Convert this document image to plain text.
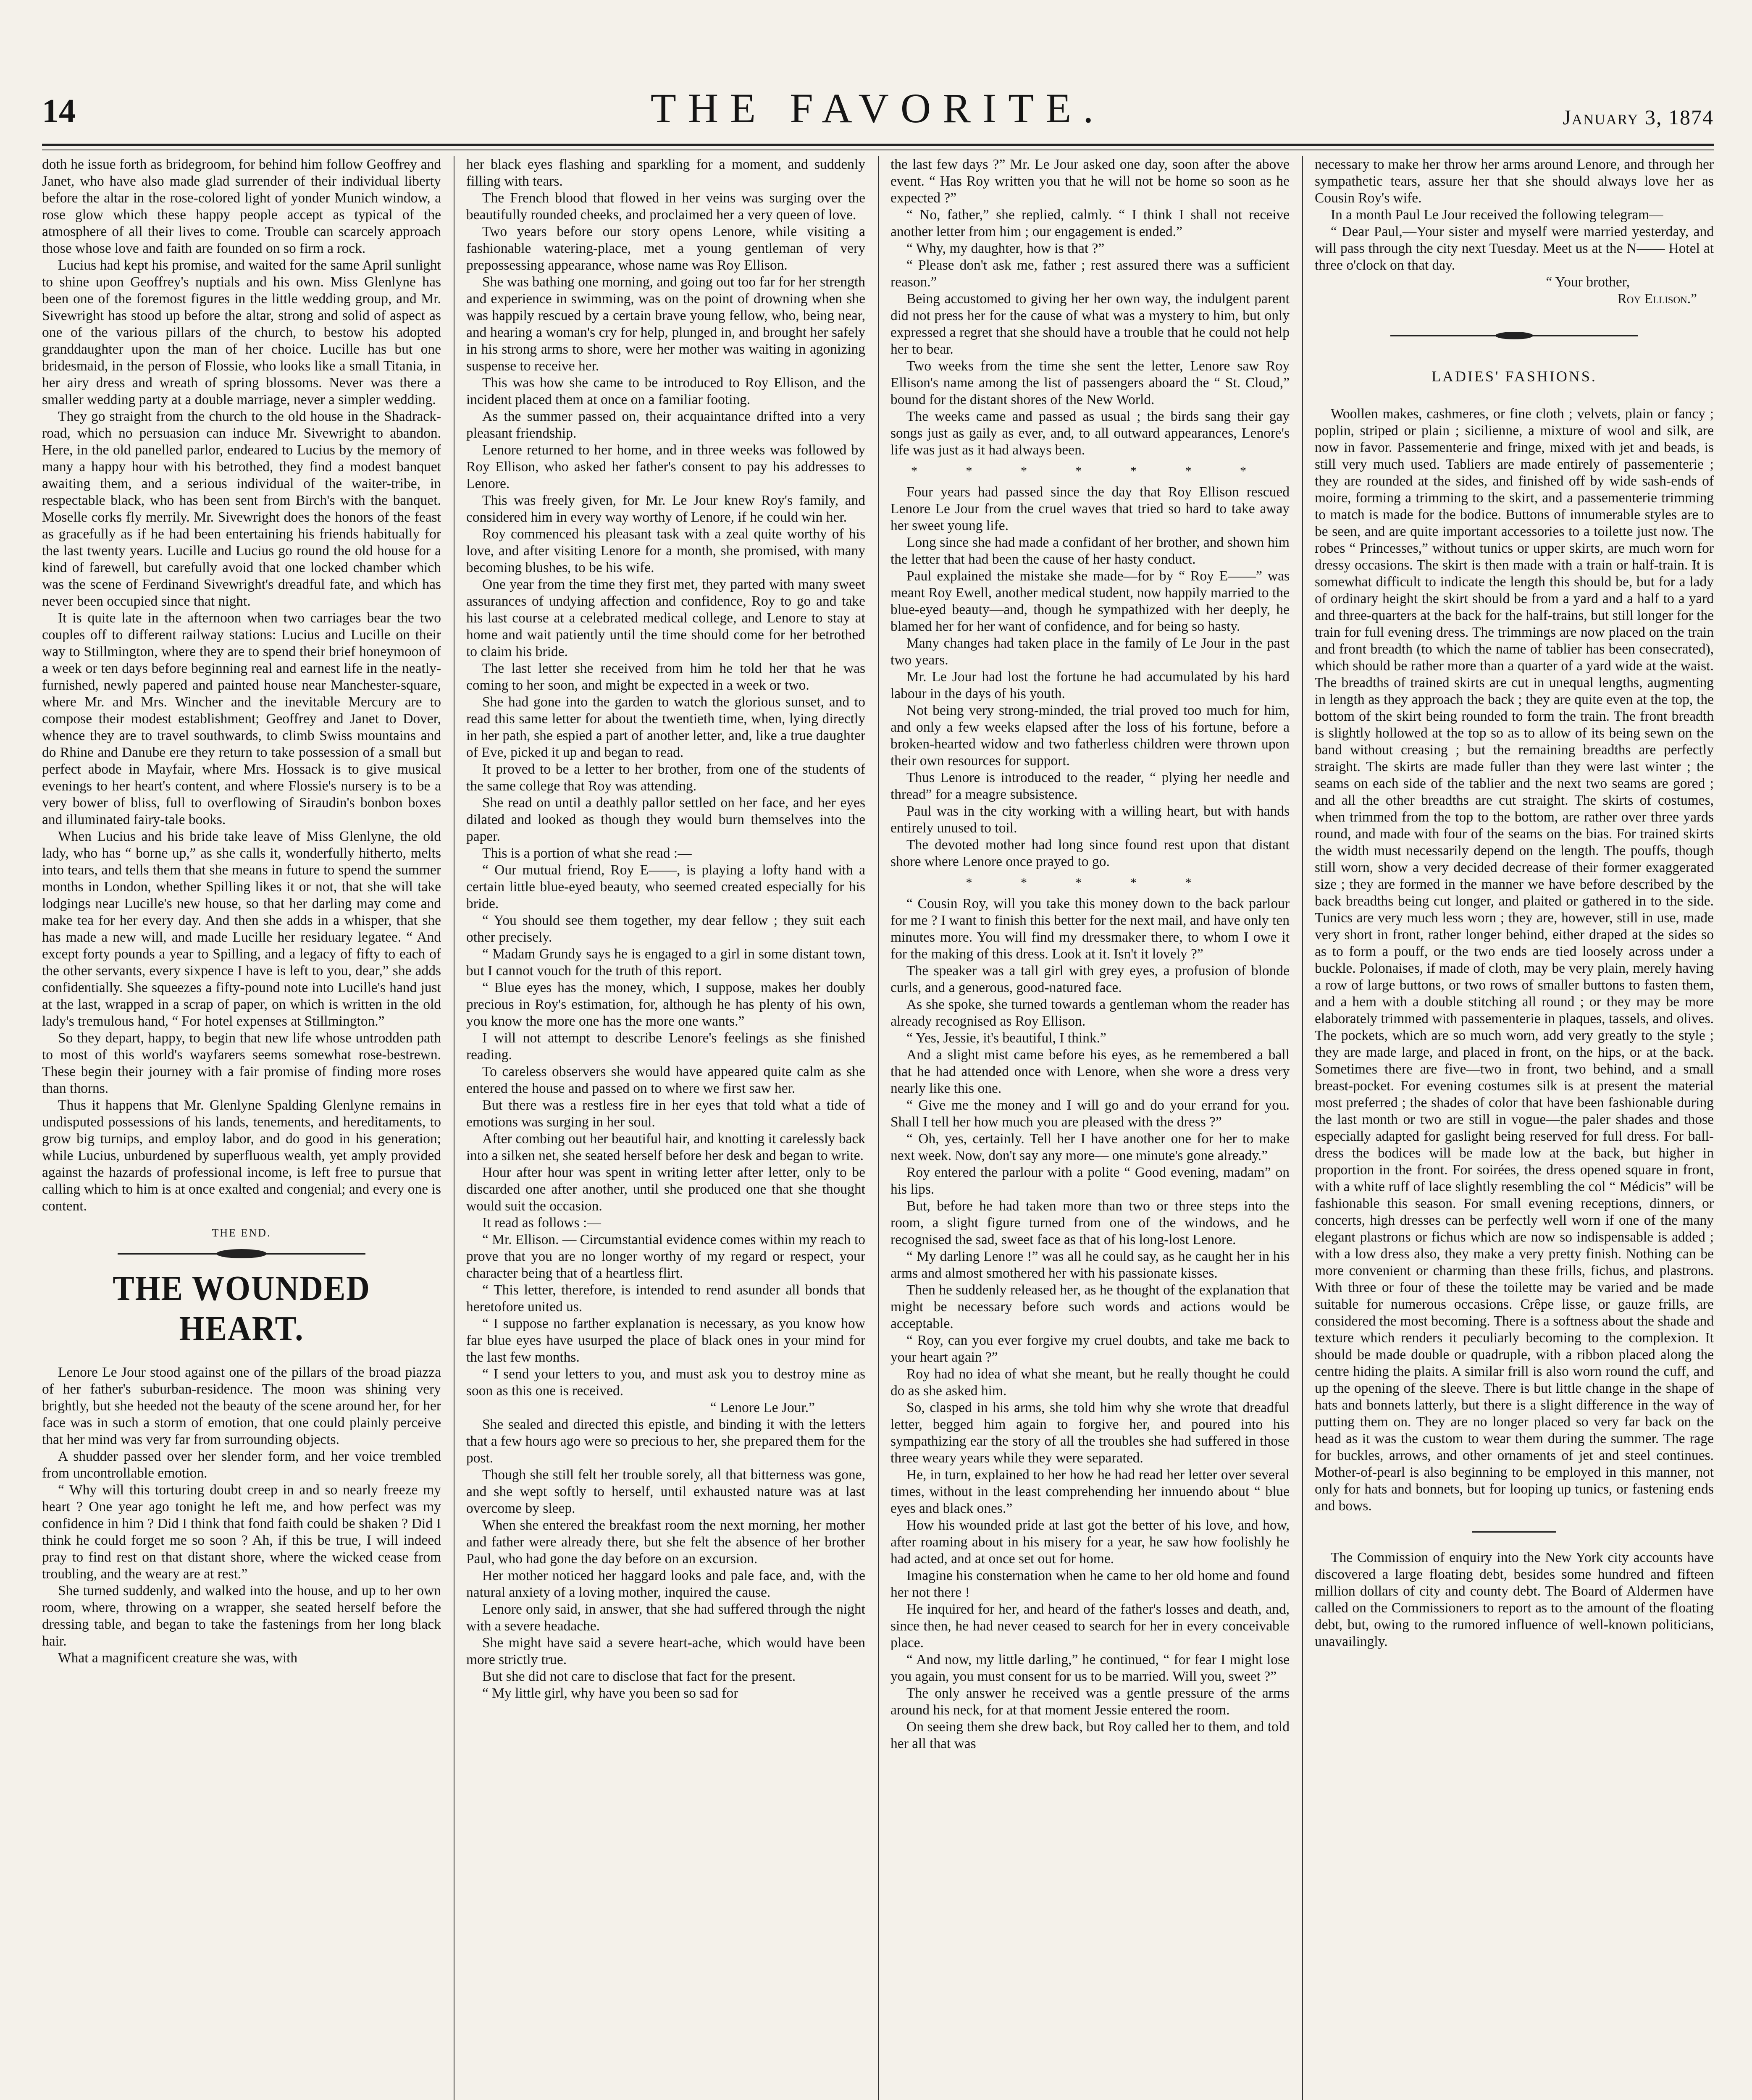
14	THE FAVORITE.	January 3, 1874

doth he issue forth as bridegroom, for behind him follow Geoffrey and Janet, who have also made glad surrender of their individual liberty before the altar in the rose-colored light of yonder Munich window, a rose glow which these happy people accept as typical of the atmosphere of all their lives to come. Trouble can scarcely approach those whose love and faith are founded on so firm a rock.

Lucius had kept his promise, and waited for the same April sunlight to shine upon Geoffrey's nuptials and his own. Miss Glenlyne has been one of the foremost figures in the little wedding group, and Mr. Sivewright has stood up before the altar, strong and solid of aspect as one of the various pillars of the church, to bestow his adopted granddaughter upon the man of her choice. Lucille has but one bridesmaid, in the person of Flossie, who looks like a small Titania, in her airy dress and wreath of spring blossoms. Never was there a smaller wedding party at a double marriage, never a simpler wedding.

They go straight from the church to the old house in the Shadrack-road, which no persuasion can induce Mr. Sivewright to abandon. Here, in the old panelled parlor, endeared to Lucius by the memory of many a happy hour with his betrothed, they find a modest banquet awaiting them, and a serious individual of the waiter-tribe, in respectable black, who has been sent from Birch's with the banquet. Moselle corks fly merrily. Mr. Sivewright does the honors of the feast as gracefully as if he had been entertaining his friends habitually for the last twenty years. Lucille and Lucius go round the old house for a kind of farewell, but carefully avoid that one locked chamber which was the scene of Ferdinand Sivewright's dreadful fate, and which has never been occupied since that night.

It is quite late in the afternoon when two carriages bear the two couples off to different railway stations: Lucius and Lucille on their way to Stillmington, where they are to spend their brief honeymoon of a week or ten days before beginning real and earnest life in the neatly-furnished, newly papered and painted house near Manchester-square, where Mr. and Mrs. Wincher and the inevitable Mercury are to compose their modest establishment; Geoffrey and Janet to Dover, whence they are to travel southwards, to climb Swiss mountains and do Rhine and Danube ere they return to take possession of a small but perfect abode in Mayfair, where Mrs. Hossack is to give musical evenings to her heart's content, and where Flossie's nursery is to be a very bower of bliss, full to overflowing of Siraudin's bonbon boxes and illuminated fairy-tale books.

When Lucius and his bride take leave of Miss Glenlyne, the old lady, who has “ borne up,” as she calls it, wonderfully hitherto, melts into tears, and tells them that she means in future to spend the summer months in London, whether Spilling likes it or not, that she will take lodgings near Lucille's new house, so that her darling may come and make tea for her every day. And then she adds in a whisper, that she has made a new will, and made Lucille her residuary legatee. “ And except forty pounds a year to Spilling, and a legacy of fifty to each of the other servants, every sixpence I have is left to you, dear,” she adds confidentially. She squeezes a fifty-pound note into Lucille's hand just at the last, wrapped in a scrap of paper, on which is written in the old lady's tremulous hand, “ For hotel expenses at Stillmington.”

So they depart, happy, to begin that new life whose untrodden path to most of this world's wayfarers seems somewhat rose-bestrewn. These begin their journey with a fair promise of finding more roses than thorns.

Thus it happens that Mr. Glenlyne Spalding Glenlyne remains in undisputed possessions of his lands, tenements, and hereditaments, to grow big turnips, and employ labor, and do good in his generation; while Lucius, unburdened by superfluous wealth, yet amply provided against the hazards of professional income, is left free to pursue that calling which to him is at once exalted and congenial; and every one is content.

THE END.
THE WOUNDED HEART.

Lenore Le Jour stood against one of the pillars of the broad piazza of her father's suburban-residence. The moon was shining very brightly, but she heeded not the beauty of the scene around her, for her face was in such a storm of emotion, that one could plainly perceive that her mind was very far from surrounding objects.

A shudder passed over her slender form, and her voice trembled from uncontrollable emotion.

“ Why will this torturing doubt creep in and so nearly freeze my heart ? One year ago tonight he left me, and how perfect was my confidence in him ? Did I think that fond faith could be shaken ? Did I think he could forget me so soon ? Ah, if this be true, I will indeed pray to find rest on that distant shore, where the wicked cease from troubling, and the weary are at rest.”

She turned suddenly, and walked into the house, and up to her own room, where, throwing on a wrapper, she seated herself before the dressing table, and began to take the fastenings from her long black hair.

What a magnificent creature she was, with

her black eyes flashing and sparkling for a moment, and suddenly filling with tears.

The French blood that flowed in her veins was surging over the beautifully rounded cheeks, and proclaimed her a very queen of love.

Two years before our story opens Lenore, while visiting a fashionable watering-place, met a young gentleman of very prepossessing appearance, whose name was Roy Ellison.

She was bathing one morning, and going out too far for her strength and experience in swimming, was on the point of drowning when she was happily rescued by a certain brave young fellow, who, being near, and hearing a woman's cry for help, plunged in, and brought her safely in his strong arms to shore, were her mother was waiting in agonizing suspense to receive her.

This was how she came to be introduced to Roy Ellison, and the incident placed them at once on a familiar footing.

As the summer passed on, their acquaintance drifted into a very pleasant friendship.

Lenore returned to her home, and in three weeks was followed by Roy Ellison, who asked her father's consent to pay his addresses to Lenore.

This was freely given, for Mr. Le Jour knew Roy's family, and considered him in every way worthy of Lenore, if he could win her.

Roy commenced his pleasant task with a zeal quite worthy of his love, and after visiting Lenore for a month, she promised, with many becoming blushes, to be his wife.

One year from the time they first met, they parted with many sweet assurances of undying affection and confidence, Roy to go and take his last course at a celebrated medical college, and Lenore to stay at home and wait patiently until the time should come for her betrothed to claim his bride.

The last letter she received from him he told her that he was coming to her soon, and might be expected in a week or two.

She had gone into the garden to watch the glorious sunset, and to read this same letter for about the twentieth time, when, lying directly in her path, she espied a part of another letter, and, like a true daughter of Eve, picked it up and began to read.

It proved to be a letter to her brother, from one of the students of the same college that Roy was attending.

She read on until a deathly pallor settled on her face, and her eyes dilated and looked as though they would burn themselves into the paper.

This is a portion of what she read :—

“ Our mutual friend, Roy E——, is playing a lofty hand with a certain little blue-eyed beauty, who seemed created especially for his bride.

“ You should see them together, my dear fellow ; they suit each other precisely.

“ Madam Grundy says he is engaged to a girl in some distant town, but I cannot vouch for the truth of this report.

“ Blue eyes has the money, which, I suppose, makes her doubly precious in Roy's estimation, for, although he has plenty of his own, you know the more one has the more one wants.”

I will not attempt to describe Lenore's feelings as she finished reading.

To careless observers she would have appeared quite calm as she entered the house and passed on to where we first saw her.

But there was a restless fire in her eyes that told what a tide of emotions was surging in her soul.

After combing out her beautiful hair, and knotting it carelessly back into a silken net, she seated herself before her desk and began to write.

Hour after hour was spent in writing letter after letter, only to be discarded one after another, until she produced one that she thought would suit the occasion.

It read as follows :—

“ Mr. Ellison. — Circumstantial evidence comes within my reach to prove that you are no longer worthy of my regard or respect, your character being that of a heartless flirt.

“ This letter, therefore, is intended to rend asunder all bonds that heretofore united us.

“ I suppose no farther explanation is necessary, as you know how far blue eyes have usurped the place of black ones in your mind for the last few months.

“ I send your letters to you, and must ask you to destroy mine as soon as this one is received.

“ Lenore Le Jour.”

She sealed and directed this epistle, and binding it with the letters that a few hours ago were so precious to her, she prepared them for the post.

Though she still felt her trouble sorely, all that bitterness was gone, and she wept softly to herself, until exhausted nature was at last overcome by sleep.

When she entered the breakfast room the next morning, her mother and father were already there, but she felt the absence of her brother Paul, who had gone the day before on an excursion.

Her mother noticed her haggard looks and pale face, and, with the natural anxiety of a loving mother, inquired the cause.

Lenore only said, in answer, that she had suffered through the night with a severe headache.

She might have said a severe heart-ache, which would have been more strictly true.

But she did not care to disclose that fact for the present.

“ My little girl, why have you been so sad for

the last few days ?” Mr. Le Jour asked one day, soon after the above event. “ Has Roy written you that he will not be home so soon as he expected ?”

“ No, father,” she replied, calmly. “ I think I shall not receive another letter from him ; our engagement is ended.”

“ Why, my daughter, how is that ?”

“ Please don't ask me, father ; rest assured there was a sufficient reason.”

Being accustomed to giving her her own way, the indulgent parent did not press her for the cause of what was a mystery to him, but only expressed a regret that she should have a trouble that he could not help her to bear.

Two weeks from the time she sent the letter, Lenore saw Roy Ellison's name among the list of passengers aboard the “ St. Cloud,” bound for the distant shores of the New World.

The weeks came and passed as usual ; the birds sang their gay songs just as gaily as ever, and, to all outward appearances, Lenore's life was just as it had always been.

* * * * * * *

Four years had passed since the day that Roy Ellison rescued Lenore Le Jour from the cruel waves that tried so hard to take away her sweet young life.

Long since she had made a confidant of her brother, and shown him the letter that had been the cause of her hasty conduct.

Paul explained the mistake she made—for by “ Roy E——” was meant Roy Ewell, another medical student, now happily married to the blue-eyed beauty—and, though he sympathized with her deeply, he blamed her for her want of confidence, and for being so hasty.

Many changes had taken place in the family of Le Jour in the past two years.

Mr. Le Jour had lost the fortune he had accumulated by his hard labour in the days of his youth.

Not being very strong-minded, the trial proved too much for him, and only a few weeks elapsed after the loss of his fortune, before a broken-hearted widow and two fatherless children were thrown upon their own resources for support.

Thus Lenore is introduced to the reader, “ plying her needle and thread” for a meagre subsistence.

Paul was in the city working with a willing heart, but with hands entirely unused to toil.

The devoted mother had long since found rest upon that distant shore where Lenore once prayed to go.

* * * * *

“ Cousin Roy, will you take this money down to the back parlour for me ? I want to finish this better for the next mail, and have only ten minutes more. You will find my dressmaker there, to whom I owe it for the making of this dress. Look at it. Isn't it lovely ?”

The speaker was a tall girl with grey eyes, a profusion of blonde curls, and a generous, good-natured face.

As she spoke, she turned towards a gentleman whom the reader has already recognised as Roy Ellison.

“ Yes, Jessie, it's beautiful, I think.”

And a slight mist came before his eyes, as he remembered a ball that he had attended once with Lenore, when she wore a dress very nearly like this one.

“ Give me the money and I will go and do your errand for you. Shall I tell her how much you are pleased with the dress ?”

“ Oh, yes, certainly. Tell her I have another one for her to make next week. Now, don't say any more— one minute's gone already.”

Roy entered the parlour with a polite “ Good evening, madam” on his lips.

But, before he had taken more than two or three steps into the room, a slight figure turned from one of the windows, and he recognised the sad, sweet face as that of his long-lost Lenore.

“ My darling Lenore !” was all he could say, as he caught her in his arms and almost smothered her with his passionate kisses.

Then he suddenly released her, as he thought of the explanation that might be necessary before such words and actions would be acceptable.

“ Roy, can you ever forgive my cruel doubts, and take me back to your heart again ?”

Roy had no idea of what she meant, but he really thought he could do as she asked him.

So, clasped in his arms, she told him why she wrote that dreadful letter, begged him again to forgive her, and poured into his sympathizing ear the story of all the troubles she had suffered in those three weary years while they were separated.

He, in turn, explained to her how he had read her letter over several times, without in the least comprehending her innuendo about “ blue eyes and black ones.”

How his wounded pride at last got the better of his love, and how, after roaming about in his misery for a year, he saw how foolishly he had acted, and at once set out for home.

Imagine his consternation when he came to her old home and found her not there !

He inquired for her, and heard of the father's losses and death, and, since then, he had never ceased to search for her in every conceivable place.

“ And now, my little darling,” he continued, “ for fear I might lose you again, you must consent for us to be married. Will you, sweet ?”

The only answer he received was a gentle pressure of the arms around his neck, for at that moment Jessie entered the room.

On seeing them she drew back, but Roy called her to them, and told her all that was

necessary to make her throw her arms around Lenore, and through her sympathetic tears, assure her that she should always love her as Cousin Roy's wife.

In a month Paul Le Jour received the following telegram—

“ Dear Paul,—Your sister and myself were married yesterday, and will pass through the city next Tuesday. Meet us at the N—— Hotel at three o'clock on that day.

“ Your brother,

Roy Ellison.”

LADIES' FASHIONS.

Woollen makes, cashmeres, or fine cloth ; velvets, plain or fancy ; poplin, striped or plain ; sicilienne, a mixture of wool and silk, are now in favor. Passementerie and fringe, mixed with jet and beads, is still very much used. Tabliers are made entirely of passementerie ; they are rounded at the sides, and finished off by wide sash-ends of moire, forming a trimming to the skirt, and a passementerie trimming to match is made for the bodice. Buttons of innumerable styles are to be seen, and are quite important accessories to a toilette just now. The robes “ Princesses,” without tunics or upper skirts, are much worn for dressy occasions. The skirt is then made with a train or half-train. It is somewhat difficult to indicate the length this should be, but for a lady of ordinary height the skirt should be from a yard and a half to a yard and three-quarters at the back for the half-trains, but still longer for the train for full evening dress. The trimmings are now placed on the train and front breadth (to which the name of tablier has been consecrated), which should be rather more than a quarter of a yard wide at the waist. The breadths of trained skirts are cut in unequal lengths, augmenting in length as they approach the back ; they are quite even at the top, the bottom of the skirt being rounded to form the train. The front breadth is slightly hollowed at the top so as to allow of its being sewn on the band without creasing ; but the remaining breadths are perfectly straight. The skirts are made fuller than they were last winter ; the seams on each side of the tablier and the next two seams are gored ; and all the other breadths are cut straight. The skirts of costumes, when trimmed from the top to the bottom, are rather over three yards round, and made with four of the seams on the bias. For trained skirts the width must necessarily depend on the length. The pouffs, though still worn, show a very decided decrease of their former exaggerated size ; they are formed in the manner we have before described by the back breadths being cut longer, and plaited or gathered in to the side. Tunics are very much less worn ; they are, however, still in use, made very short in front, rather longer behind, either draped at the sides so as to form a pouff, or the two ends are tied loosely across under a buckle. Polonaises, if made of cloth, may be very plain, merely having a row of large buttons, or two rows of smaller buttons to fasten them, and a hem with a double stitching all round ; or they may be more elaborately trimmed with passementerie in plaques, tassels, and olives. The pockets, which are so much worn, add very greatly to the style ; they are made large, and placed in front, on the hips, or at the back. Sometimes there are five—two in front, two behind, and a small breast-pocket. For evening costumes silk is at present the material most preferred ; the shades of color that have been fashionable during the last month or two are still in vogue—the paler shades and those especially adapted for gaslight being reserved for full dress. For ball-dress the bodices will be made low at the back, but higher in proportion in the front. For soirées, the dress opened square in front, with a white ruff of lace slightly resembling the col “ Médicis” will be fashionable this season. For small evening receptions, dinners, or concerts, high dresses can be perfectly well worn if one of the many elegant plastrons or fichus which are now so indispensable is added ; with a low dress also, they make a very pretty finish. Nothing can be more convenient or charming than these frills, fichus, and plastrons. With three or four of these the toilette may be varied and be made suitable for numerous occasions. Crêpe lisse, or gauze frills, are considered the most becoming. There is a softness about the shade and texture which renders it peculiarly becoming to the complexion. It should be made double or quadruple, with a ribbon placed along the centre hiding the plaits. A similar frill is also worn round the cuff, and up the opening of the sleeve. There is but little change in the shape of hats and bonnets latterly, but there is a slight difference in the way of putting them on. They are no longer placed so very far back on the head as it was the custom to wear them during the summer. The rage for buckles, arrows, and other ornaments of jet and steel continues. Mother-of-pearl is also beginning to be employed in this manner, not only for hats and bonnets, but for looping up tunics, or fastening ends and bows.

The Commission of enquiry into the New York city accounts have discovered a large floating debt, besides some hundred and fifteen million dollars of city and county debt. The Board of Aldermen have called on the Commissioners to report as to the amount of the floating debt, but, owing to the rumored influence of well-known politicians, unavailingly.
